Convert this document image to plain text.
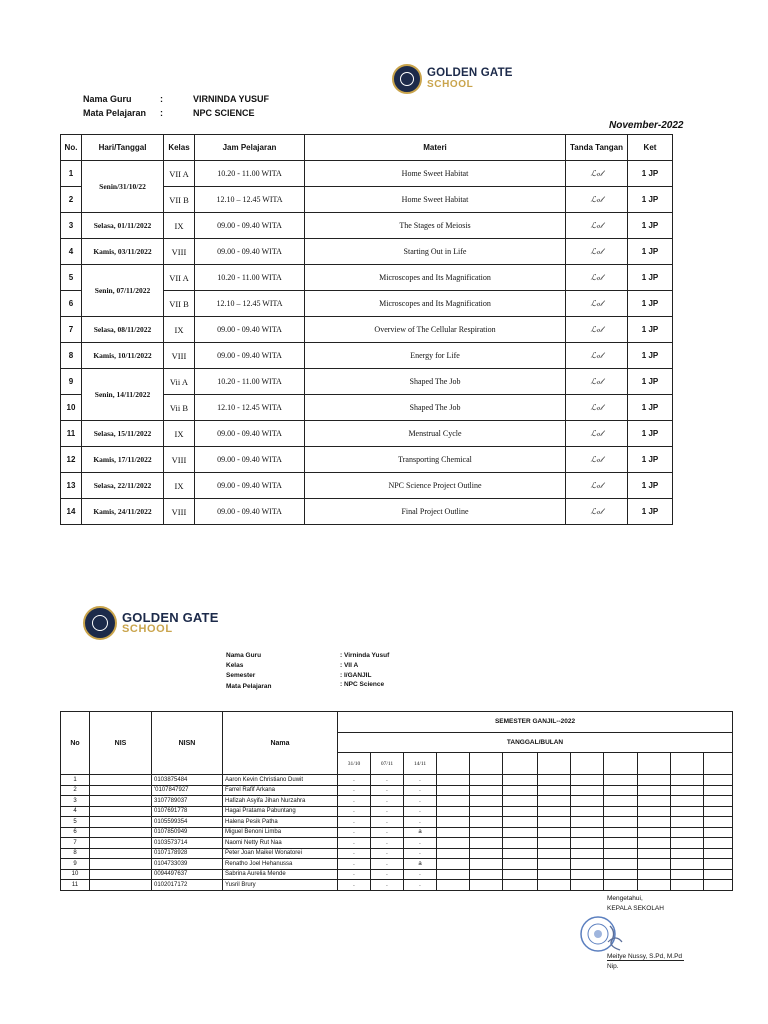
GOLDEN GATE
SCHOOL
Nama Guru	:	VIRNINDA YUSUF
Mata Pelajaran :	NPC SCIENCE
November-2022
No.	Hari/Tanggal	Kelas	Jam Pelajaran	Materi	Tanda Tangan	Ket
1	Senin/31/10/22	VII A	10.20 - 11.00 WITA	Home Sweet Habitat	ℒℴ𝓁	1 JP
2		VII B	12.10 – 12.45 WITA	Home Sweet Habitat	ℒℴ𝓁	1 JP
3	Selasa, 01/11/2022	IX	09.00 - 09.40 WITA	The Stages of Meiosis	ℒℴ𝓁	1 JP
4	Kamis, 03/11/2022	VIII	09.00 - 09.40 WITA	Starting Out in Life	ℒℴ𝓁	1 JP
5	Senin, 07/11/2022	VII A	10.20 - 11.00 WITA	Microscopes and Its Magnification	ℒℴ𝓁	1 JP
6		VII B	12.10 – 12.45 WITA	Microscopes and Its Magnification	ℒℴ𝓁	1 JP
7	Selasa, 08/11/2022	IX	09.00 - 09.40 WITA	Overview of The Cellular Respiration	ℒℴ𝓁	1 JP
8	Kamis, 10/11/2022	VIII	09.00 - 09.40 WITA	Energy for Life	ℒℴ𝓁	1 JP
9	Senin, 14/11/2022	Vii A	10.20 - 11.00 WITA	Shaped The Job	ℒℴ𝓁	1 JP
10		Vii B	12.10 - 12.45 WITA	Shaped The Job	ℒℴ𝓁	1 JP
11	Selasa, 15/11/2022	IX	09.00 - 09.40 WITA	Menstrual Cycle	ℒℴ𝓁	1 JP
12	Kamis, 17/11/2022	VIII	09.00 - 09.40 WITA	Transporting Chemical	ℒℴ𝓁	1 JP
13	Selasa, 22/11/2022	IX	09.00 - 09.40 WITA	NPC Science Project Outline	ℒℴ𝓁	1 JP
14	Kamis, 24/11/2022	VIII	09.00 - 09.40 WITA	Final Project Outline	ℒℴ𝓁	1 JP
GOLDEN GATE
SCHOOL
Nama Guru	: Virninda Yusuf
Kelas	: VII A
Semester	: I/GANJIL
Mata Pelajaran	: NPC Science
No	NIS	NISN	Nama	SEMESTER GANJIL--2022											
				TANGGAL/BULAN											
				31/10	07/11	14/11									
1		0103875484	Aaron Kevin Christiano Duwit	.	.	.									
2		'0107847927	Farrel Rafif Arkana	.	.	.									
3		3107789037	Hafizah Asyifa Jihan Nurzahra	.	.	.									
4		0107691778	Hagai Pratama Pabuntang	.	.	.									
5		0105599354	Halena Pesik Patha	.	.	.									
6		0107850949	Miguel Benoni Limba	.	.	a									
7		0103573714	Naomi Netty Rut Naa	.	.	.									
8		0107178928	Peter Joan Maikel Wonatorei	.	.	.									
9		0104733039	Renatho Joel Hehanussa	.	.	a									
10		0094497637	Sabrina Aurelia Mende	.	.	.									
11		0102017172	Yusril Brury	.	.	.									
Mengetahui,
KEPALA SEKOLAH
Meitye Nussy, S.Pd, M.Pd
Nip.
